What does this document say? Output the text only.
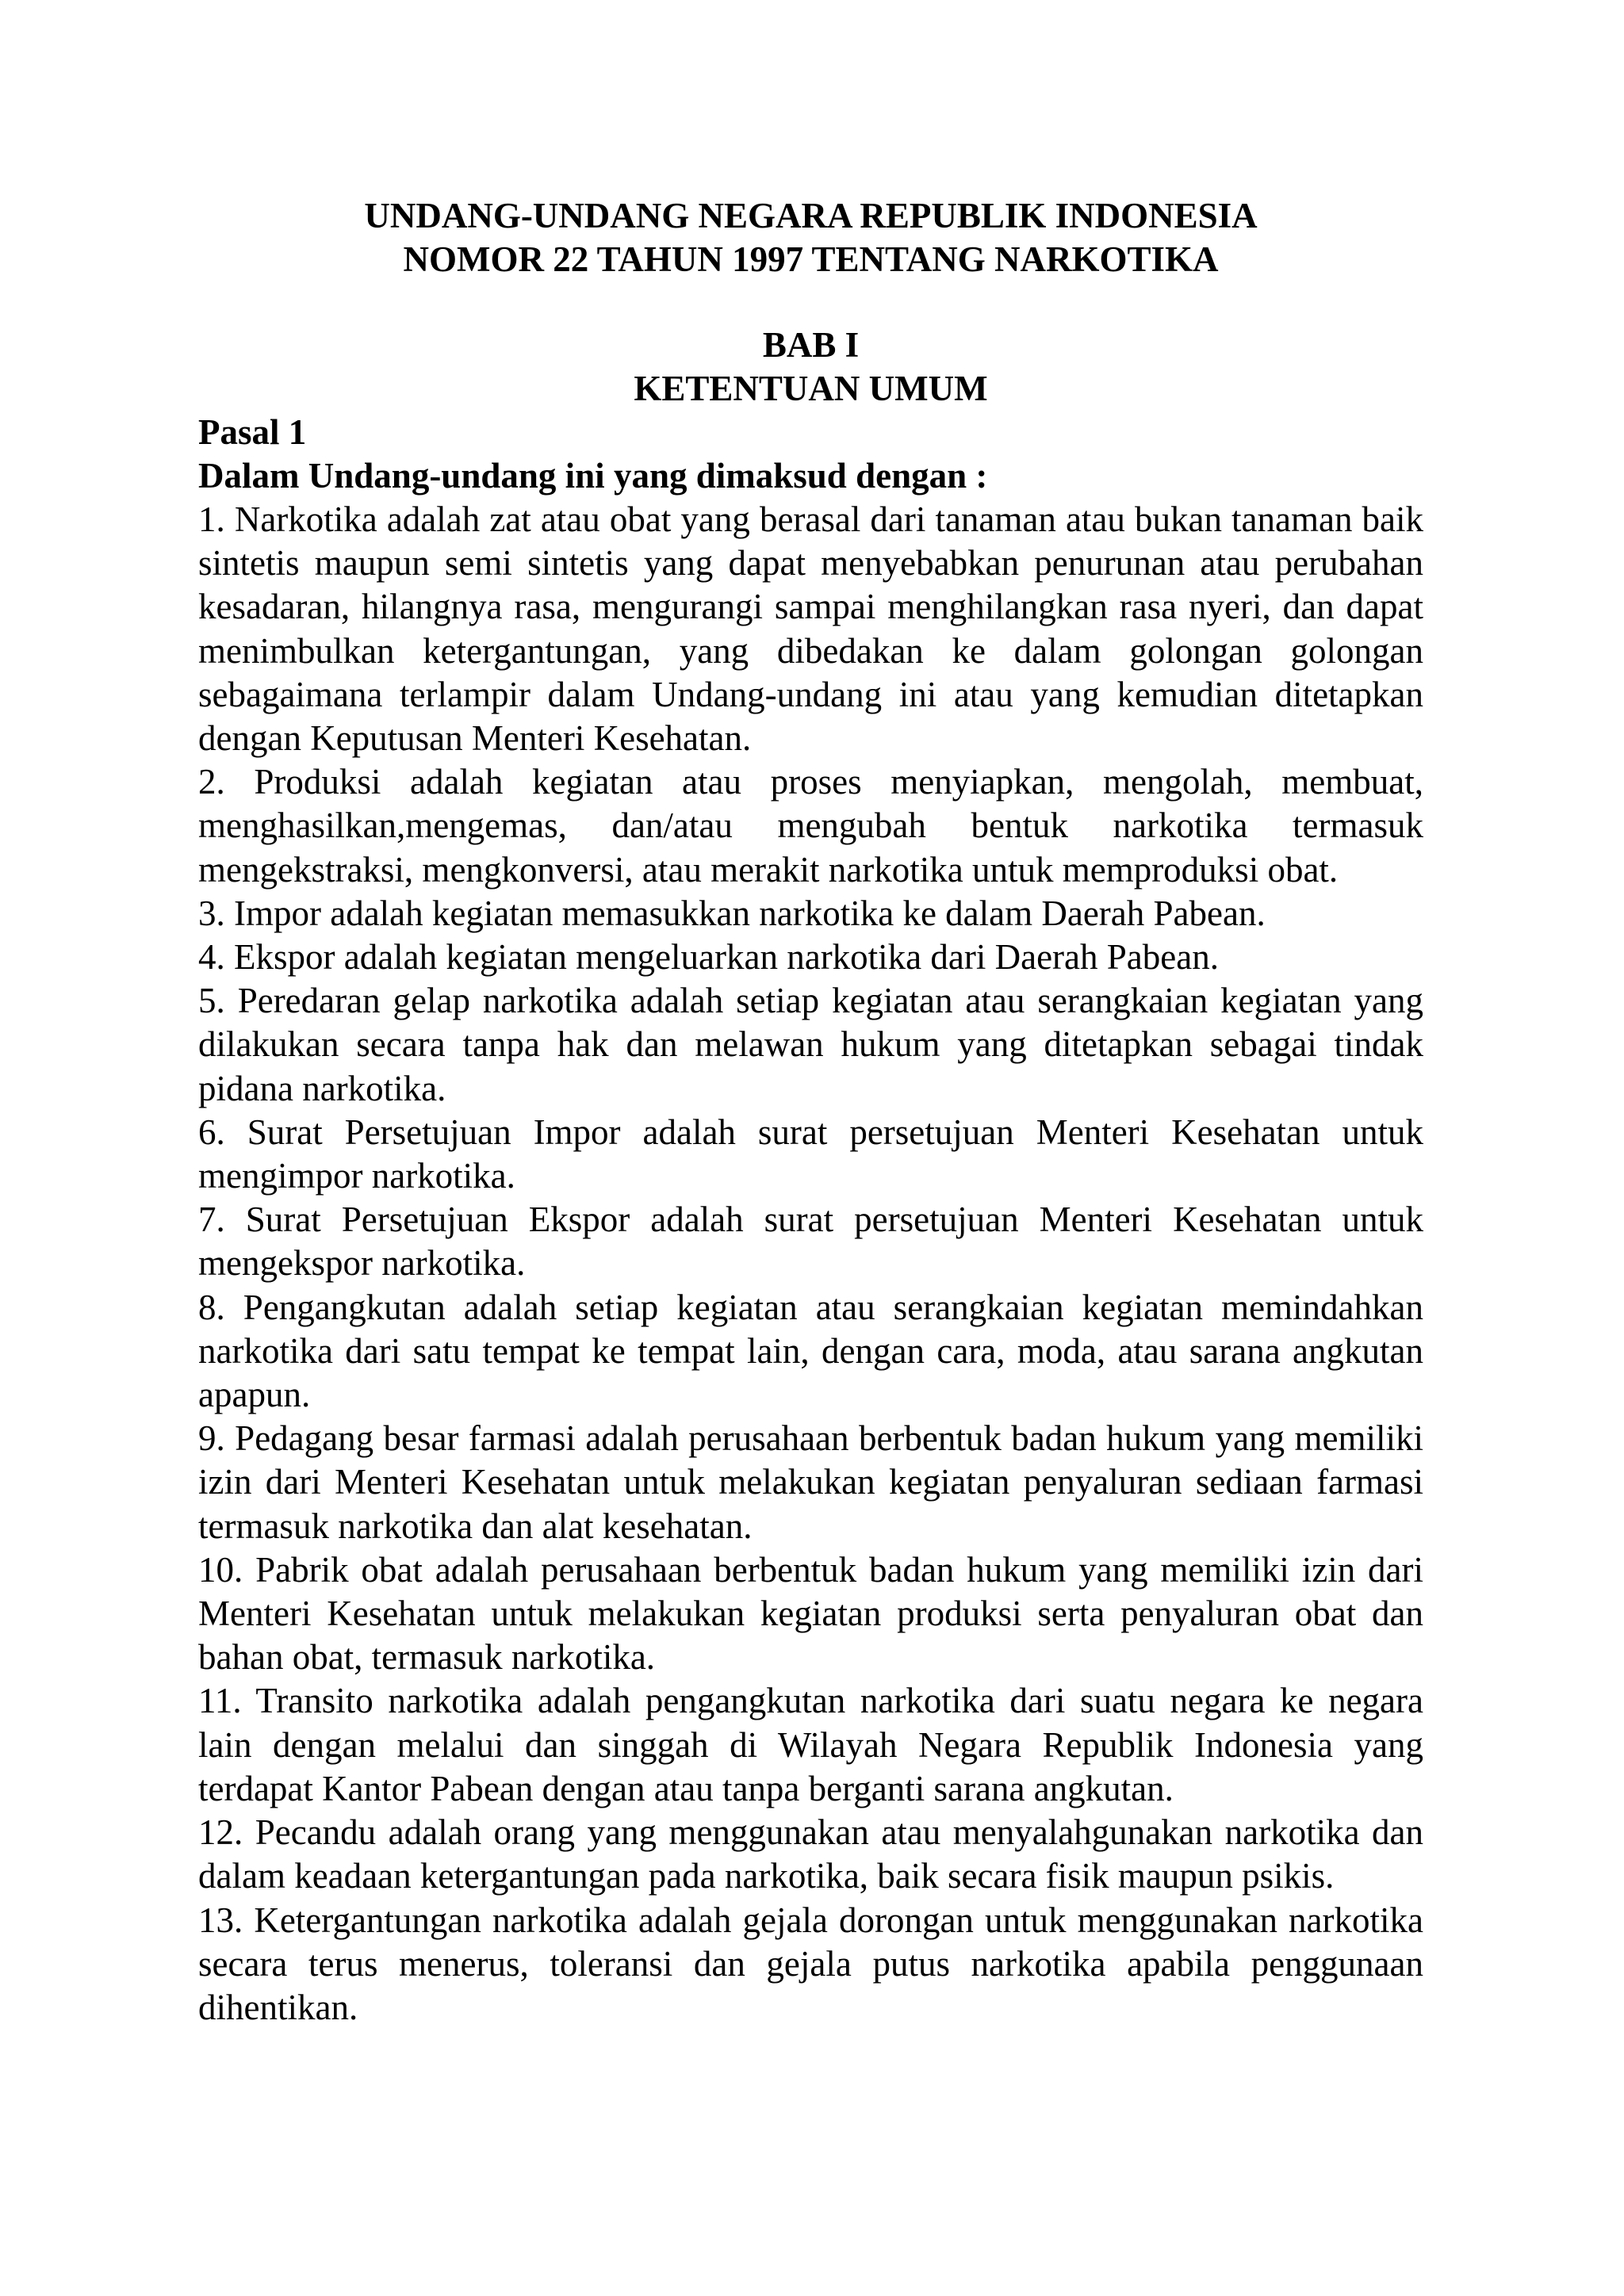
UNDANG-UNDANG NEGARA REPUBLIK INDONESIA
NOMOR 22 TAHUN 1997 TENTANG NARKOTIKA
BAB I
KETENTUAN UMUM
Pasal 1
Dalam Undang-undang ini yang dimaksud dengan :

1. Narkotika adalah zat atau obat yang berasal dari tanaman atau bukan tanaman baik sintetis maupun semi sintetis yang dapat menyebabkan penurunan atau perubahan kesadaran, hilangnya rasa, mengurangi sampai menghilangkan rasa nyeri, dan dapat menimbulkan ketergantungan, yang dibedakan ke dalam golongan golongan sebagaimana terlampir dalam Undang-undang ini atau yang kemudian ditetapkan dengan Keputusan Menteri Kesehatan.

2. Produksi adalah kegiatan atau proses menyiapkan, mengolah, membuat, menghasilkan,mengemas, dan/atau mengubah bentuk narkotika termasuk mengekstraksi, mengkonversi, atau merakit narkotika untuk memproduksi obat.

3. Impor adalah kegiatan memasukkan narkotika ke dalam Daerah Pabean.

4. Ekspor adalah kegiatan mengeluarkan narkotika dari Daerah Pabean.

5. Peredaran gelap narkotika adalah setiap kegiatan atau serangkaian kegiatan yang dilakukan secara tanpa hak dan melawan hukum yang ditetapkan sebagai tindak pidana narkotika.

6. Surat Persetujuan Impor adalah surat persetujuan Menteri Kesehatan untuk mengimpor narkotika.

7. Surat Persetujuan Ekspor adalah surat persetujuan Menteri Kesehatan untuk mengekspor narkotika.

8. Pengangkutan adalah setiap kegiatan atau serangkaian kegiatan memindahkan narkotika dari satu tempat ke tempat lain, dengan cara, moda, atau sarana angkutan apapun.

9. Pedagang besar farmasi adalah perusahaan berbentuk badan hukum yang memiliki izin dari Menteri Kesehatan untuk melakukan kegiatan penyaluran sediaan farmasi termasuk narkotika dan alat kesehatan.

10. Pabrik obat adalah perusahaan berbentuk badan hukum yang memiliki izin dari Menteri Kesehatan untuk melakukan kegiatan produksi serta penyaluran obat dan bahan obat, termasuk narkotika.

11. Transito narkotika adalah pengangkutan narkotika dari suatu negara ke negara lain dengan melalui dan singgah di Wilayah Negara Republik Indonesia yang terdapat Kantor Pabean dengan atau tanpa berganti sarana angkutan.

12. Pecandu adalah orang yang menggunakan atau menyalahgunakan narkotika dan dalam keadaan ketergantungan pada narkotika, baik secara fisik maupun psikis.

13. Ketergantungan narkotika adalah gejala dorongan untuk menggunakan narkotika secara terus menerus, toleransi dan gejala putus narkotika apabila penggunaan dihentikan.
